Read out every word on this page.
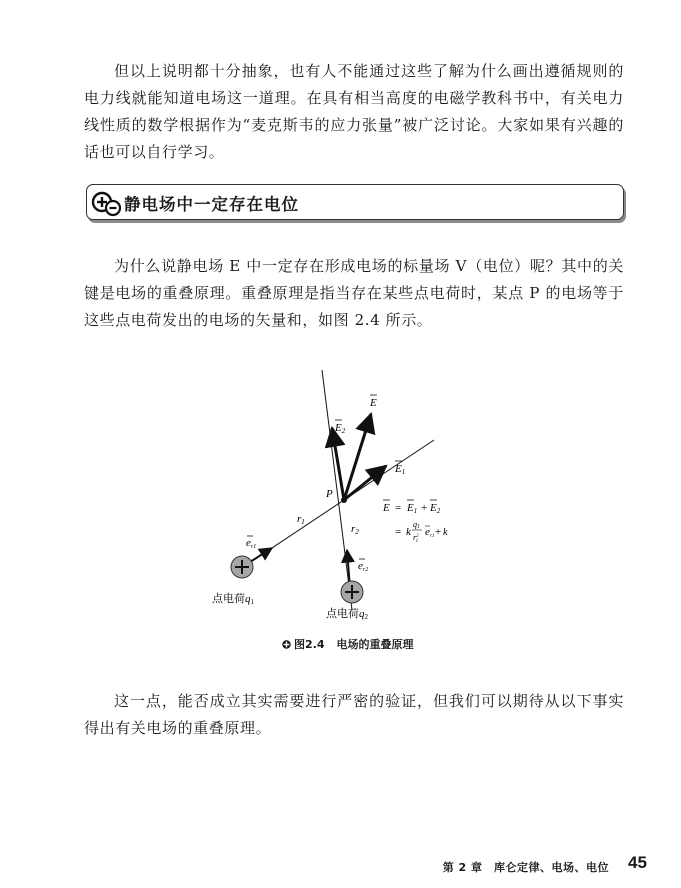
但以上说明都十分抽象，也有人不能通过这些了解为什么画出遵循规则的电力线就能知道电场这一道理。在具有相当高度的电磁学教科书中，有关电力线性质的数学根据作为“麦克斯韦的应力张量”被广泛讨论。大家如果有兴趣的话也可以自行学习。

静电场中一定存在电位

为什么说静电场 E 中一定存在形成电场的标量场 V（电位）呢？其中的关键是电场的重叠原理。重叠原理是指当存在某些点电荷时，某点 P 的电场等于这些点电荷发出的电场的矢量和，如图 2.4 所示。

P
E
E2
E1
r1
r2
er1
er2
点电荷q1
点电荷q2
E = E1 + E2
= k
q1
$r^2$ 1
er1 + k
图2.4 电场的重叠原理

这一点，能否成立其实需要进行严密的验证，但我们可以期待从以下事实得出有关电场的重叠原理。

第 2 章　库仑定律、电场、电位 45
